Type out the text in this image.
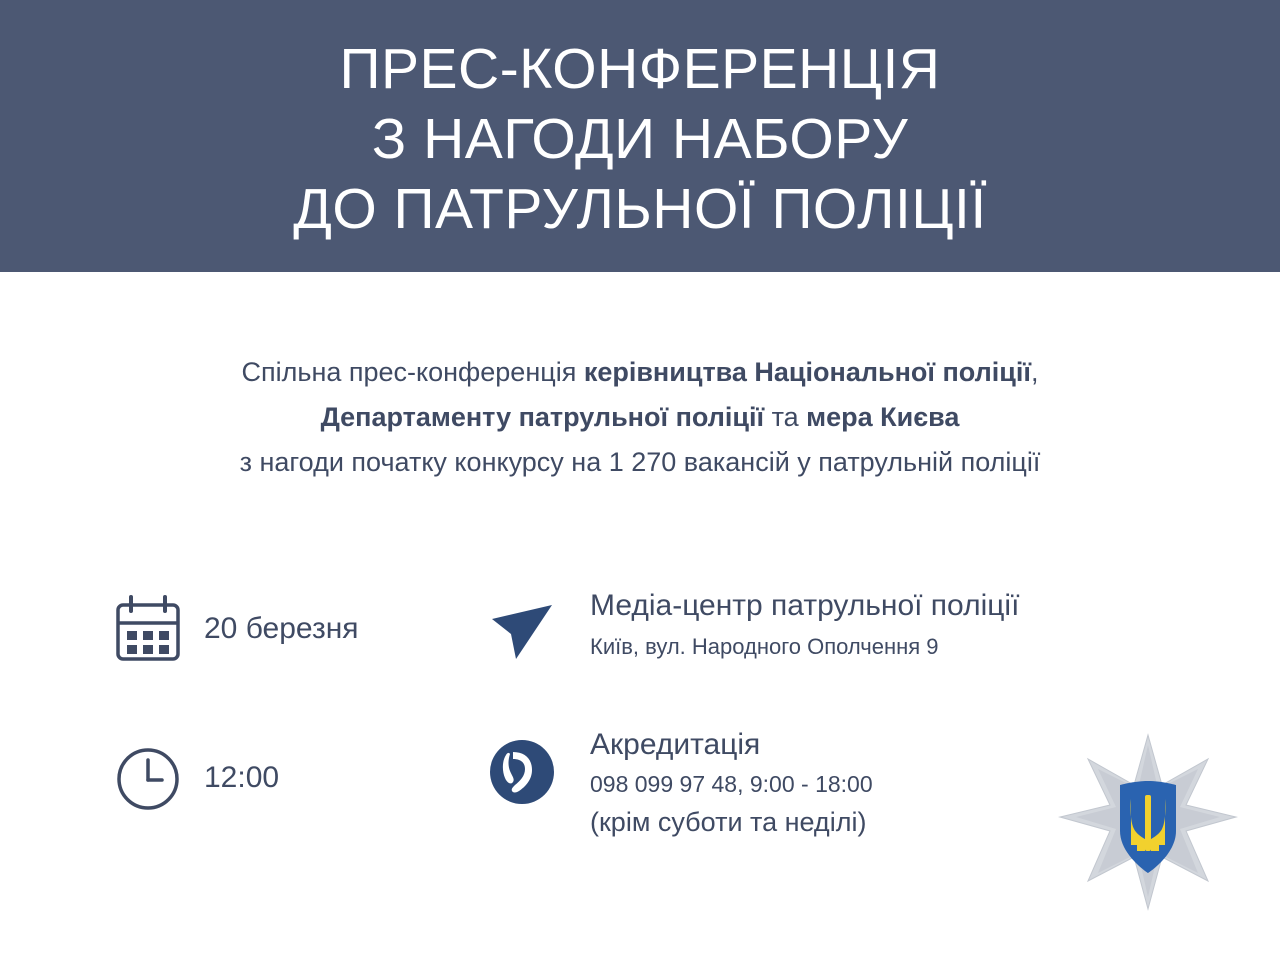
ПРЕС-КОНФЕРЕНЦІЯ
З НАГОДИ НАБОРУ
ДО ПАТРУЛЬНОЇ ПОЛІЦІЇ
Спільна прес-конференція керівництва Національної поліції,
Департаменту патрульної поліції та мера Києва
з нагоди початку конкурсу на 1 270 вакансій у патрульній поліції
20 березня
12:00
Медіа-центр патрульної поліції
Київ, вул. Народного Ополчення 9
Акредитація
098 099 97 48, 9:00 - 18:00
(крім суботи та неділі)
